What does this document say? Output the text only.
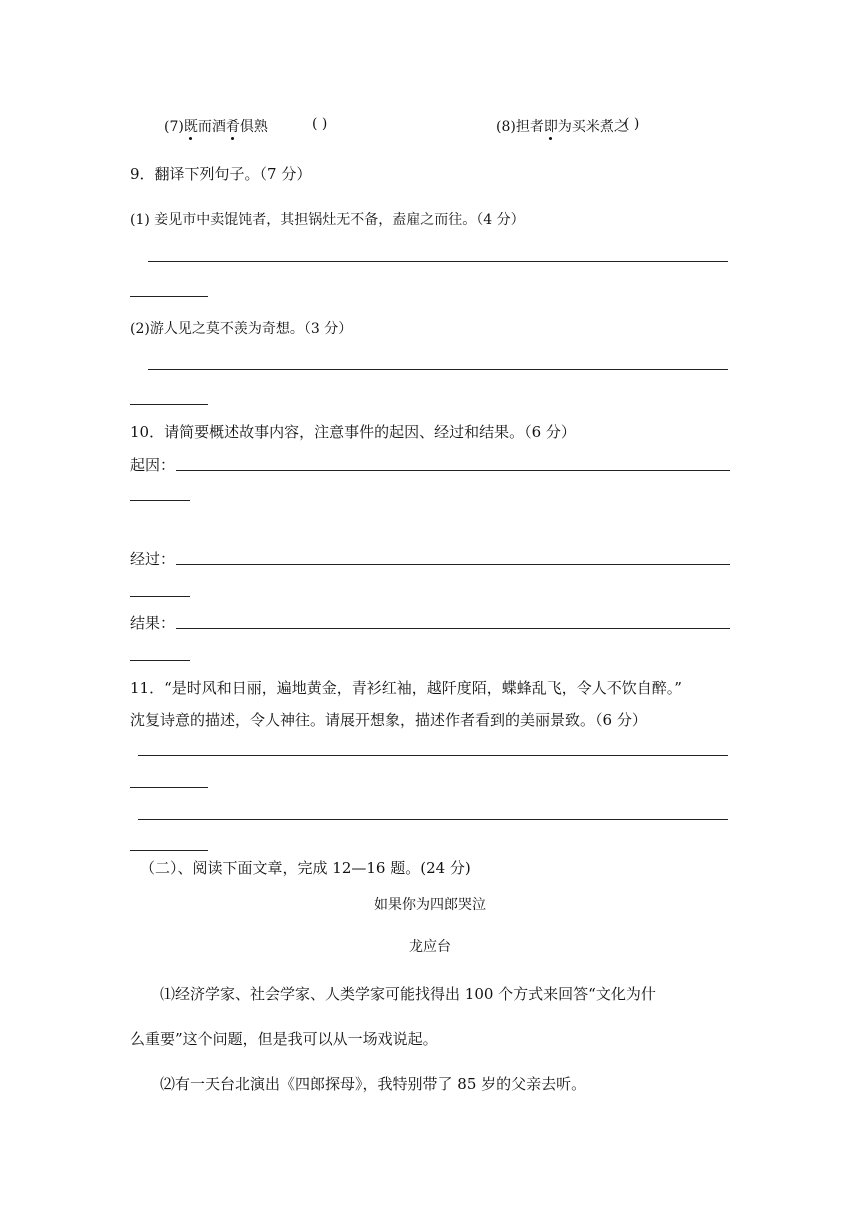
(7)既而酒肴俱熟	( )	(8)担者即为买米煮之
( )
9．翻译下列句子。（7 分）
(1) 妾见市中卖馄饨者，其担锅灶无不备，盍雇之而往。（4 分）
(2)游人见之莫不羡为奇想。（3 分）
10．请简要概述故事内容，注意事件的起因、经过和结果。（6 分）
起因：
经过：
结果：
11．“是时风和日丽，遍地黄金，青衫红袖，越阡度陌，蝶蜂乱飞，令人不饮自醉。”
沈复诗意的描述，令人神往。请展开想象，描述作者看到的美丽景致。（6 分）
（二）、阅读下面文章，完成 12—16 题。(24 分)
如果你为四郎哭泣
龙应台
⑴经济学家、社会学家、人类学家可能找得出 100 个方式来回答“文化为什
么重要”这个问题，但是我可以从一场戏说起。
⑵有一天台北演出《四郎探母》，我特别带了 85 岁的父亲去听。
